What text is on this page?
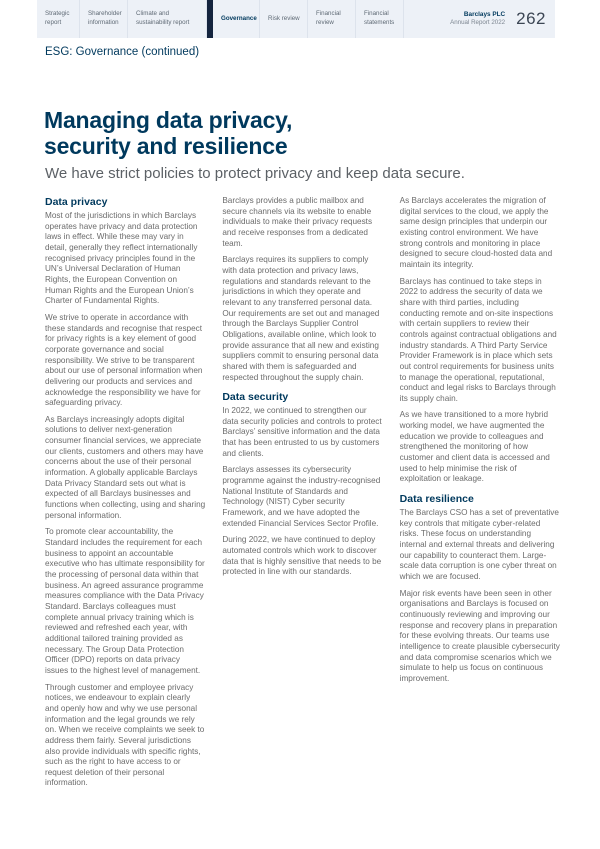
Strategic report
Shareholder information
Climate and sustainability report
Governance Risk review
Financial review
Financial statements
Barclays PLC
Annual Report 2022 262
ESG: Governance (continued)
Managing data privacy,
security and resilience

We have strict policies to protect privacy and keep data secure.

Data privacy

Most of the jurisdictions in which Barclays operates have privacy and data protection laws in effect. While these may vary in detail, generally they reflect internationally recognised privacy principles found in the UN’s Universal Declaration of Human Rights, the European Convention on Human Rights and the European Union’s Charter of Fundamental Rights.

We strive to operate in accordance with these standards and recognise that respect for privacy rights is a key element of good corporate governance and social responsibility. We strive to be transparent about our use of personal information when delivering our products and services and acknowledge the responsibility we have for safeguarding privacy.

As Barclays increasingly adopts digital solutions to deliver next-generation consumer financial services, we appreciate our clients, customers and others may have concerns about the use of their personal information. A globally applicable Barclays Data Privacy Standard sets out what is expected of all Barclays businesses and functions when collecting, using and sharing personal information.

To promote clear accountability, the Standard includes the requirement for each business to appoint an accountable executive who has ultimate responsibility for the processing of personal data within that business. An agreed assurance programme measures compliance with the Data Privacy Standard. Barclays colleagues must complete annual privacy training which is reviewed and refreshed each year, with additional tailored training provided as necessary. The Group Data Protection Officer (DPO) reports on data privacy issues to the highest level of management.

Through customer and employee privacy notices, we endeavour to explain clearly and openly how and why we use personal information and the legal grounds we rely on. When we receive complaints we seek to address them fairly. Several jurisdictions also provide individuals with specific rights, such as the right to have access to or request deletion of their personal information.

Barclays provides a public mailbox and secure channels via its website to enable individuals to make their privacy requests and receive responses from a dedicated team.

Barclays requires its suppliers to comply with data protection and privacy laws, regulations and standards relevant to the jurisdictions in which they operate and relevant to any transferred personal data. Our requirements are set out and managed through the Barclays Supplier Control Obligations, available online, which look to provide assurance that all new and existing suppliers commit to ensuring personal data shared with them is safeguarded and respected throughout the supply chain.

Data security

In 2022, we continued to strengthen our data security policies and controls to protect Barclays’ sensitive information and the data that has been entrusted to us by customers and clients.

Barclays assesses its cybersecurity programme against the industry-recognised National Institute of Standards and Technology (NIST) Cyber security Framework, and we have adopted the extended Financial Services Sector Profile.

During 2022, we have continued to deploy automated controls which work to discover data that is highly sensitive that needs to be protected in line with our standards.

As Barclays accelerates the migration of digital services to the cloud, we apply the same design principles that underpin our existing control environment. We have strong controls and monitoring in place designed to secure cloud-hosted data and maintain its integrity.

Barclays has continued to take steps in 2022 to address the security of data we share with third parties, including conducting remote and on-site inspections with certain suppliers to review their controls against contractual obligations and industry standards. A Third Party Service Provider Framework is in place which sets out control requirements for business units to manage the operational, reputational, conduct and legal risks to Barclays through its supply chain.

As we have transitioned to a more hybrid working model, we have augmented the education we provide to colleagues and strengthened the monitoring of how customer and client data is accessed and used to help minimise the risk of exploitation or leakage.

Data resilience

The Barclays CSO has a set of preventative key controls that mitigate cyber-related risks. These focus on understanding internal and external threats and delivering our capability to counteract them. Large-scale data corruption is one cyber threat on which we are focused.

Major risk events have been seen in other organisations and Barclays is focused on continuously reviewing and improving our response and recovery plans in preparation for these evolving threats. Our teams use intelligence to create plausible cybersecurity and data compromise scenarios which we simulate to help us focus on continuous improvement.
